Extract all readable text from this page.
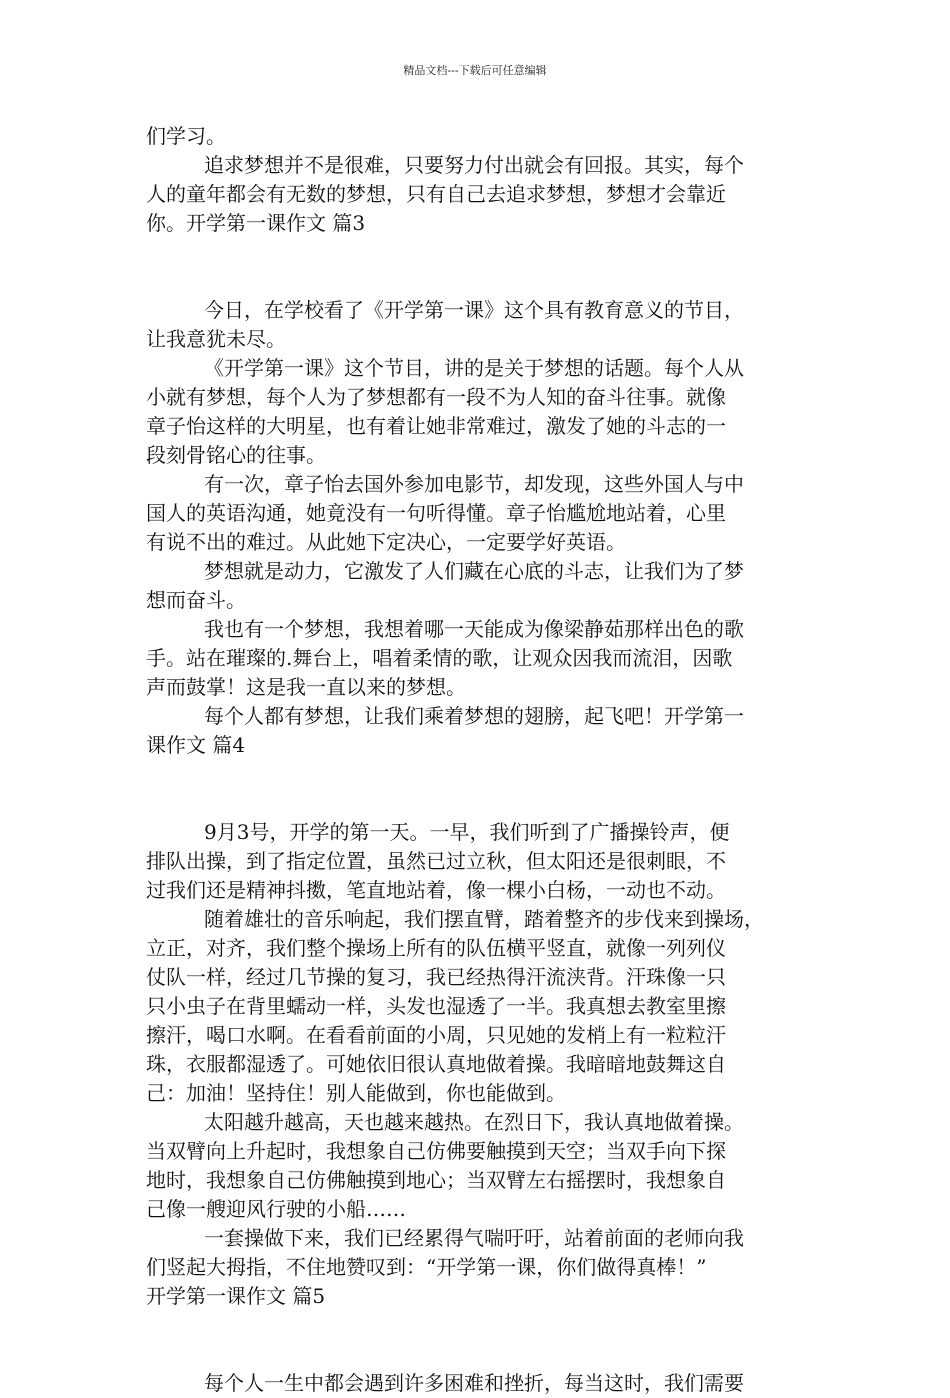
精品文档---下载后可任意编辑
们学习。
追求梦想并不是很难，只要努力付出就会有回报。其实，每个
人的童年都会有无数的梦想，只有自己去追求梦想，梦想才会靠近
你。开学第一课作文 篇3
今日，在学校看了《开学第一课》这个具有教育意义的节目，
让我意犹未尽。
《开学第一课》这个节目，讲的是关于梦想的话题。每个人从
小就有梦想，每个人为了梦想都有一段不为人知的奋斗往事。就像
章子怡这样的大明星，也有着让她非常难过，激发了她的斗志的一
段刻骨铭心的往事。
有一次，章子怡去国外参加电影节，却发现，这些外国人与中
国人的英语沟通，她竟没有一句听得懂。章子怡尴尬地站着，心里
有说不出的难过。从此她下定决心，一定要学好英语。
梦想就是动力，它激发了人们藏在心底的斗志，让我们为了梦
想而奋斗。
我也有一个梦想，我想着哪一天能成为像梁静茹那样出色的歌
手。站在璀璨的.舞台上，唱着柔情的歌，让观众因我而流泪，因歌
声而鼓掌！这是我一直以来的梦想。
每个人都有梦想，让我们乘着梦想的翅膀，起飞吧！开学第一
课作文 篇4
9月3号，开学的第一天。一早，我们听到了广播操铃声，便
排队出操，到了指定位置，虽然已过立秋，但太阳还是很刺眼，不
过我们还是精神抖擞，笔直地站着，像一棵小白杨，一动也不动。
随着雄壮的音乐响起，我们摆直臂，踏着整齐的步伐来到操场，
立正，对齐，我们整个操场上所有的队伍横平竖直，就像一列列仪
仗队一样，经过几节操的复习，我已经热得汗流浃背。汗珠像一只
只小虫子在背里蠕动一样，头发也湿透了一半。我真想去教室里擦
擦汗，喝口水啊。在看看前面的小周，只见她的发梢上有一粒粒汗
珠，衣服都湿透了。可她依旧很认真地做着操。我暗暗地鼓舞这自
己：加油！坚持住！别人能做到，你也能做到。
太阳越升越高，天也越来越热。在烈日下，我认真地做着操。
当双臂向上升起时，我想象自己仿佛要触摸到天空；当双手向下探
地时，我想象自己仿佛触摸到地心；当双臂左右摇摆时，我想象自
己像一艘迎风行驶的小船……
一套操做下来，我们已经累得气喘吁吁，站着前面的老师向我
们竖起大拇指，不住地赞叹到：“开学第一课，你们做得真棒！”
开学第一课作文 篇5
每个人一生中都会遇到许多困难和挫折，每当这时，我们需要
